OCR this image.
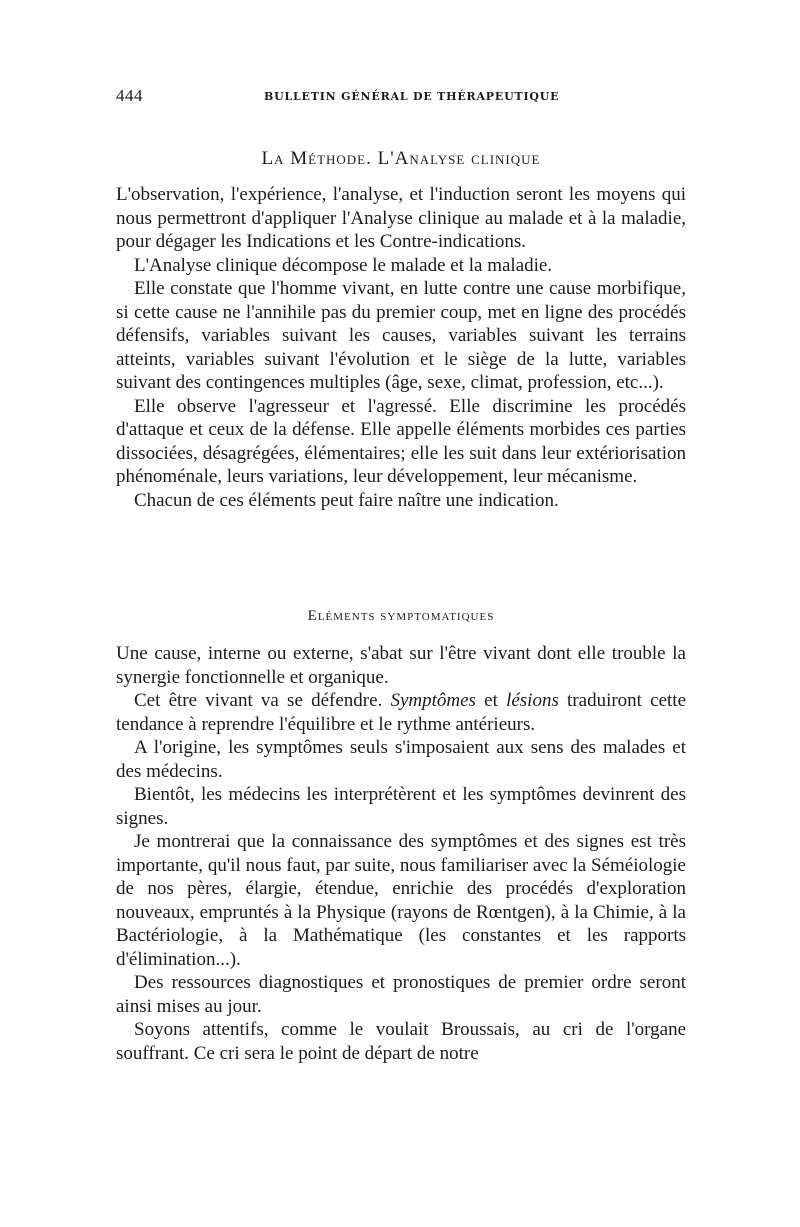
444	BULLETIN GÉNÉRAL DE THÉRAPEUTIQUE
La Méthode. L'Analyse clinique

L'observation, l'expérience, l'analyse, et l'induction seront les moyens qui nous permettront d'appliquer l'Analyse clinique au malade et à la maladie, pour dégager les Indications et les Contre-indications.

L'Analyse clinique décompose le malade et la maladie.

Elle constate que l'homme vivant, en lutte contre une cause morbifique, si cette cause ne l'annihile pas du premier coup, met en ligne des procédés défensifs, variables suivant les causes, variables suivant les terrains atteints, variables suivant l'évolution et le siège de la lutte, variables suivant des contingences multiples (âge, sexe, climat, profession, etc...).

Elle observe l'agresseur et l'agressé. Elle discrimine les procédés d'attaque et ceux de la défense. Elle appelle éléments morbides ces parties dissociées, désagrégées, élémentaires; elle les suit dans leur extériorisation phénoménale, leurs variations, leur développement, leur mécanisme.

Chacun de ces éléments peut faire naître une indication.

Eléments symptomatiques

Une cause, interne ou externe, s'abat sur l'être vivant dont elle trouble la synergie fonctionnelle et organique.

Cet être vivant va se défendre. Symptômes et lésions traduiront cette tendance à reprendre l'équilibre et le rythme antérieurs.

A l'origine, les symptômes seuls s'imposaient aux sens des malades et des médecins.

Bientôt, les médecins les interprétèrent et les symptômes devinrent des signes.

Je montrerai que la connaissance des symptômes et des signes est très importante, qu'il nous faut, par suite, nous familiariser avec la Séméiologie de nos pères, élargie, étendue, enrichie des procédés d'exploration nouveaux, empruntés à la Physique (rayons de Rœntgen), à la Chimie, à la Bactériologie, à la Mathématique (les constantes et les rapports d'élimination...).

Des ressources diagnostiques et pronostiques de premier ordre seront ainsi mises au jour.

Soyons attentifs, comme le voulait Broussais, au cri de l'organe souffrant. Ce cri sera le point de départ de notre
